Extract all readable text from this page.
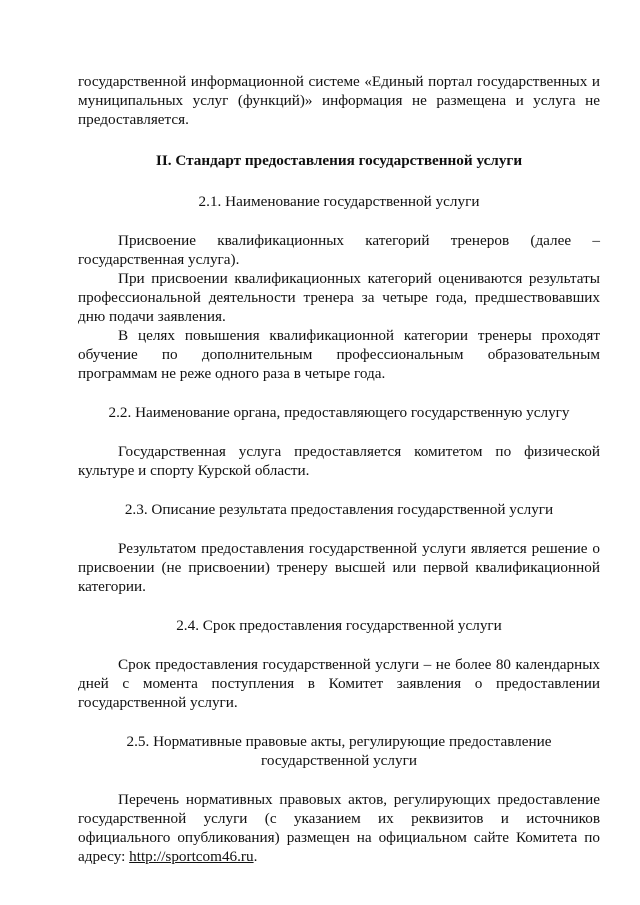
государственной информационной системе «Единый портал государственных и муниципальных услуг (функций)» информация не размещена и услуга не предоставляется.

II. Стандарт предоставления государственной услуги
2.1. Наименование государственной услуги

Присвоение квалификационных категорий тренеров (далее – государственная услуга).

При присвоении квалификационных категорий оцениваются результаты профессиональной деятельности тренера за четыре года, предшествовавших дню подачи заявления.

В целях повышения квалификационной категории тренеры проходят обучение по дополнительным профессиональным образовательным программам не реже одного раза в четыре года.

2.2. Наименование органа, предоставляющего государственную услугу

Государственная услуга предоставляется комитетом по физической культуре и спорту Курской области.

2.3. Описание результата предоставления государственной услуги

Результатом предоставления государственной услуги является решение о присвоении (не присвоении) тренеру высшей или первой квалификационной категории.

2.4. Срок предоставления государственной услуги

Срок предоставления государственной услуги – не более 80 календарных дней с момента поступления в Комитет заявления о предоставлении государственной услуги.

2.5. Нормативные правовые акты, регулирующие предоставление
государственной услуги

Перечень нормативных правовых актов, регулирующих предоставление государственной услуги (с указанием их реквизитов и источников официального опубликования) размещен на официальном сайте Комитета по адресу: http://sportcom46.ru.
